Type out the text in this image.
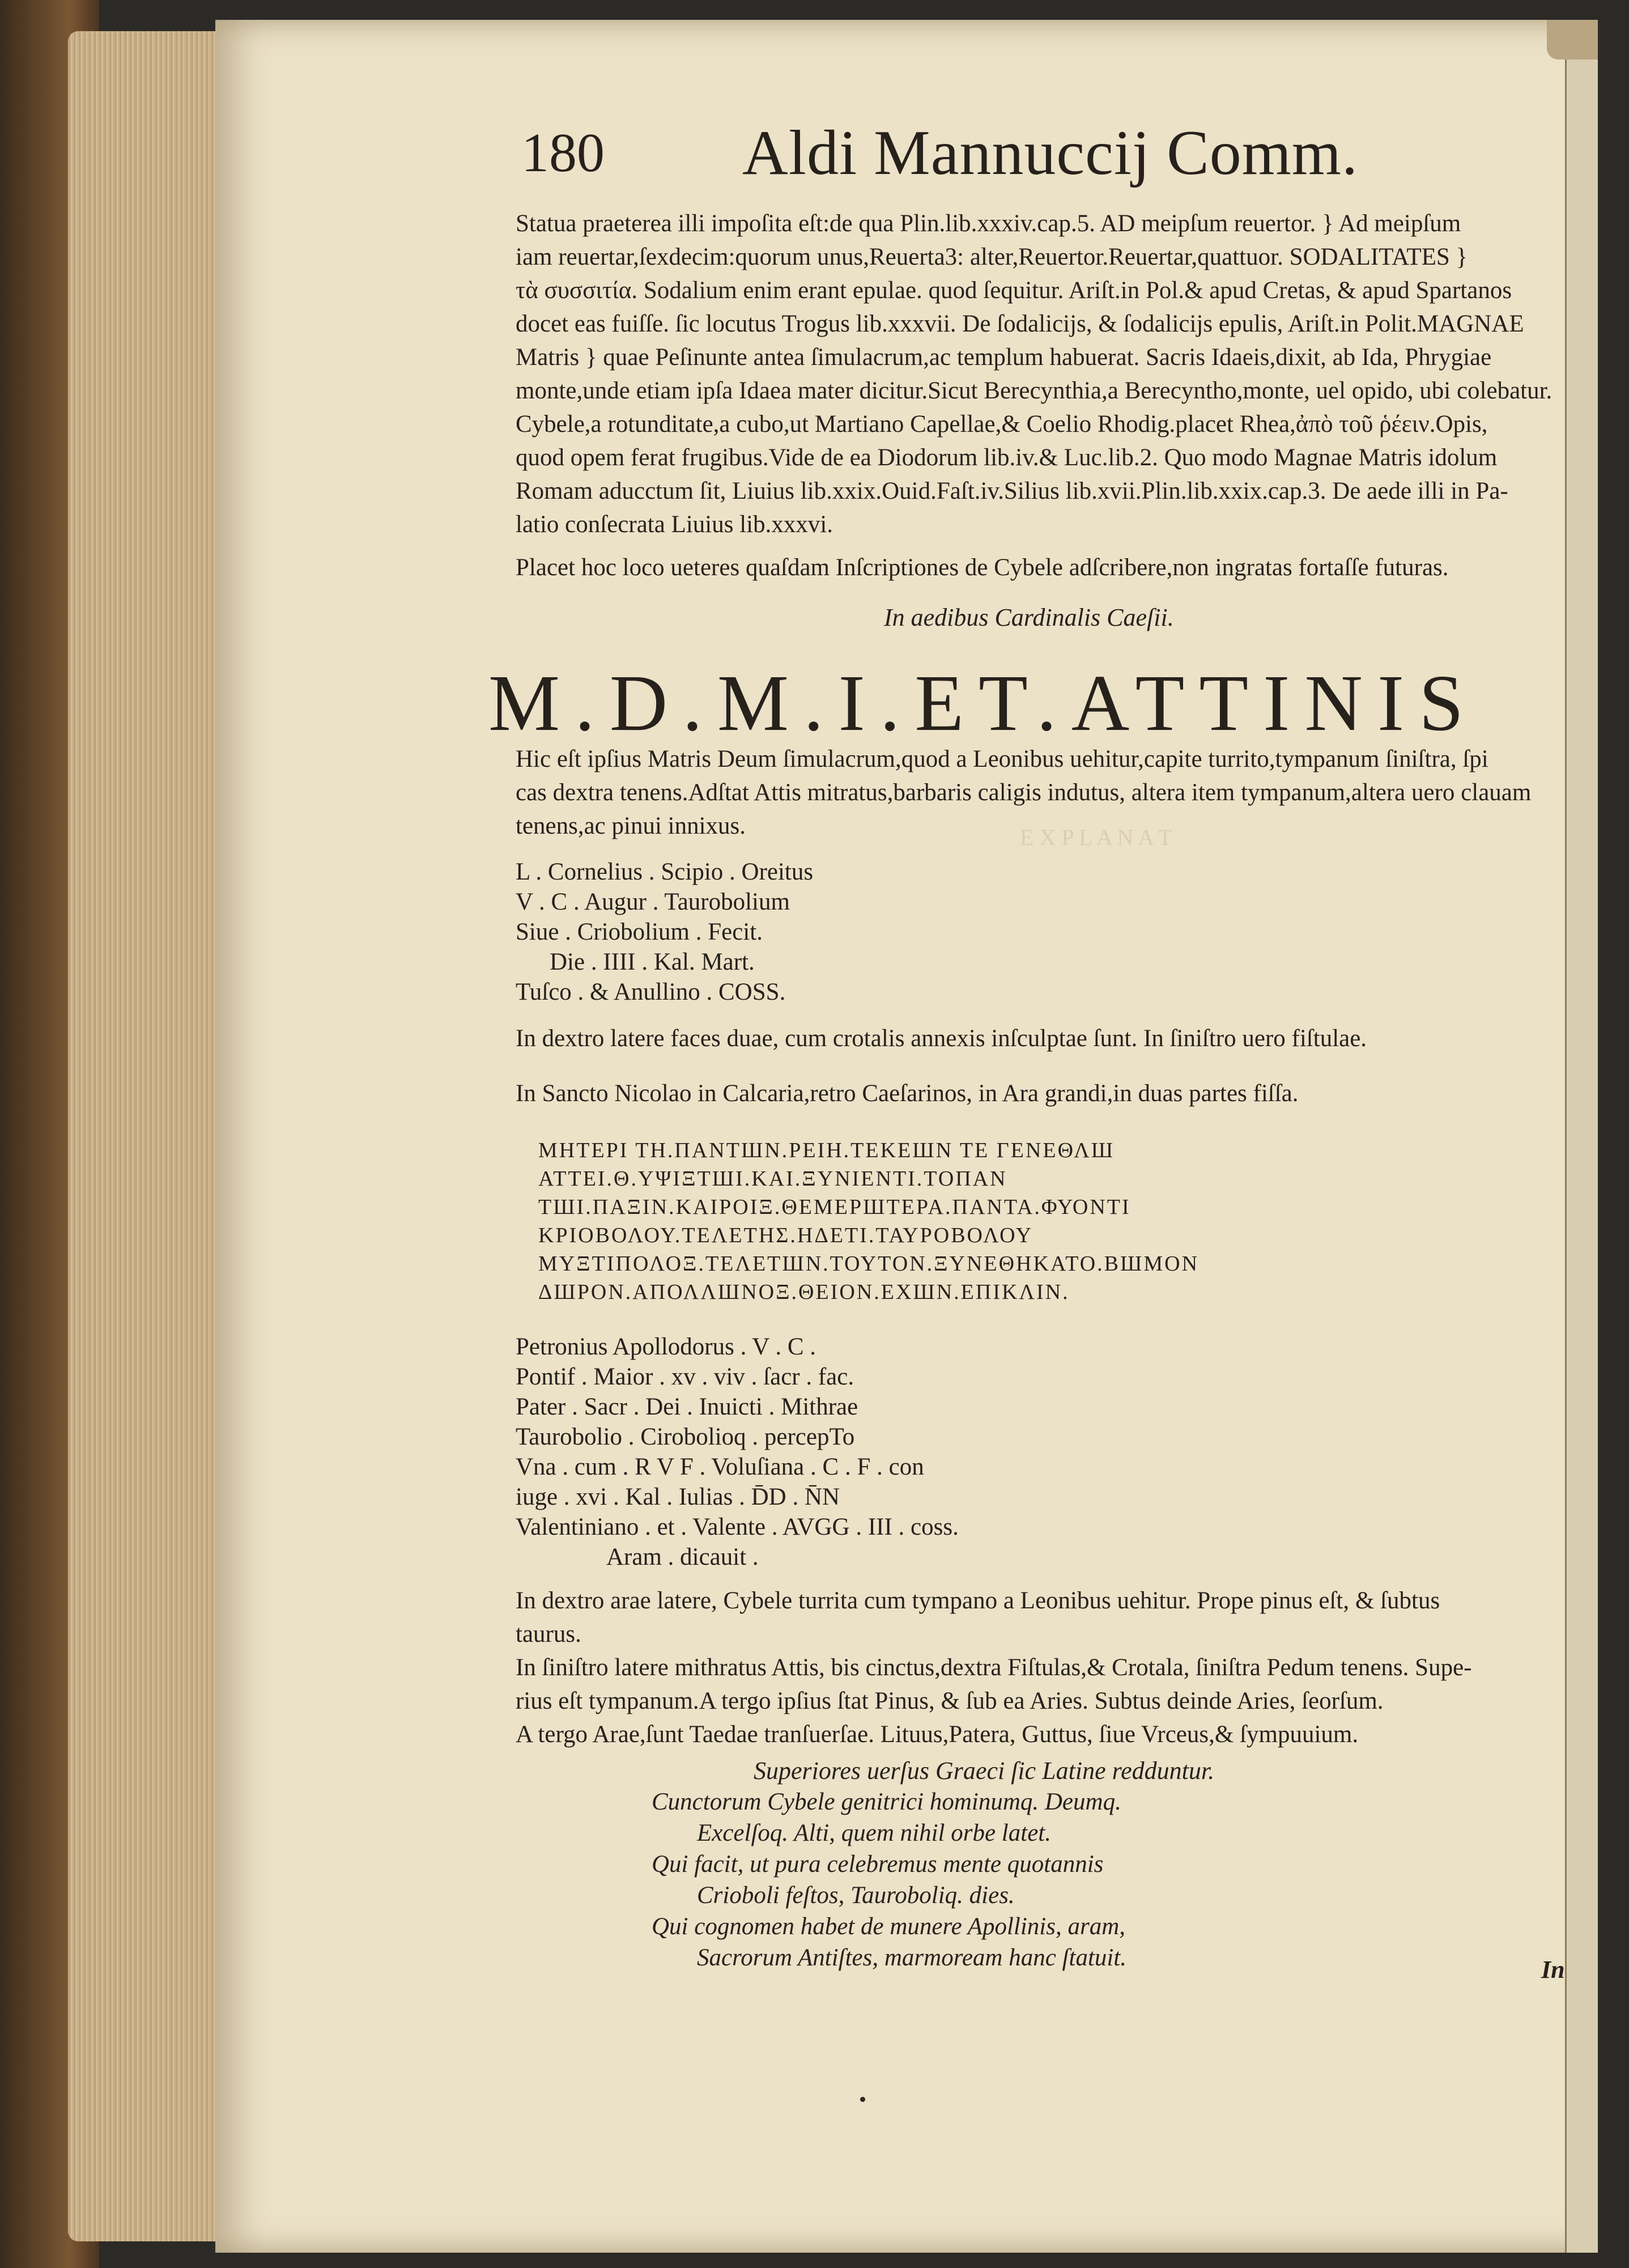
E X P L A N A T
180 Aldi Mannuccij Comm.

Statua praeterea illi impoſita eſt:de qua Plin.lib.xxxiv.cap.5. AD meipſum reuertor. } Ad meipſum

iam reuertar,ſexdecim:quorum unus,Reuerta3: alter,Reuertor.Reuertar,quattuor. SODALITATES }

τὰ συσσιτία. Sodalium enim erant epulae. quod ſequitur. Ariſt.in Pol.& apud Cretas, & apud Spartanos

docet eas fuiſſe. ſic locutus Trogus lib.xxxvii. De ſodalicijs, & ſodalicijs epulis, Ariſt.in Polit.MAGNAE

Matris } quae Peſinunte antea ſimulacrum,ac templum habuerat. Sacris Idaeis,dixit, ab Ida, Phrygiae

monte,unde etiam ipſa Idaea mater dicitur.Sicut Berecynthia,a Berecyntho,monte, uel opido, ubi colebatur.

Cybele,a rotunditate,a cubo,ut Martiano Capellae,& Coelio Rhodig.placet Rhea,ἀπὸ τοῦ ῥέειν.Opis,

quod opem ferat frugibus.Vide de ea Diodorum lib.iv.& Luc.lib.2. Quo modo Magnae Matris idolum

Romam aducctum ſit, Liuius lib.xxix.Ouid.Faſt.iv.Silius lib.xvii.Plin.lib.xxix.cap.3. De aede illi in Pa-

latio conſecrata Liuius lib.xxxvi.

Placet hoc loco ueteres quaſdam Inſcriptiones de Cybele adſcribere,non ingratas fortaſſe futuras.
In aedibus Cardinalis Caeſii.
M.D.M.I.ET.ATTINIS

Hic eſt ipſius Matris Deum ſimulacrum,quod a Leonibus uehitur,capite turrito,tympanum ſiniſtra, ſpi

cas dextra tenens.Adſtat Attis mitratus,barbaris caligis indutus, altera item tympanum,altera uero clauam

tenens,ac pinui innixus.

L . Cornelius . Scipio . Oreitus
V . C . Augur . Taurobolium
Siue . Criobolium . Fecit.
Die . IIII . Kal. Mart.
Tuſco . & Anullino . COSS.
In dextro latere faces duae, cum crotalis annexis inſculptae ſunt. In ſiniſtro uero fiſtulae.
In Sancto Nicolao in Calcaria,retro Caeſarinos, in Ara grandi,in duas partes fiſſa.
ΜΗΤΕΡΙ ΤΗ.ΠΑΝΤШΝ.ΡΕΙΗ.ΤΕΚΕШΝ ΤΕ ΓΕΝΕΘΛШ
ΑΤΤΕΙ.Θ.ΥΨΙΞΤШΙ.ΚΑΙ.ΞΥΝΙΕΝΤΙ.ΤΟΠΑΝ
ΤШΙ.ΠΑΞΙΝ.ΚΑΙΡΟΙΞ.ΘΕΜΕΡШΤΕΡΑ.ΠΑΝΤΑ.ΦΥΟΝΤΙ
ΚΡΙΟΒΟΛΟΥ.ΤΕΛΕΤΗΣ.ΗΔΕΤΙ.ΤΑΥΡΟΒΟΛΟΥ
ΜΥΞΤΙΠΟΛΟΞ.ΤΕΛΕΤШΝ.ΤΟΥΤΟΝ.ΞΥΝΕΘΗΚΑΤΟ.ΒШΜΟΝ
ΔШΡΟΝ.ΑΠΟΛΛШΝΟΞ.ΘΕΙΟΝ.ΕΧШΝ.ΕΠΙΚΛΙΝ.
Petronius Apollodorus . V . C .
Pontif . Maior . xv . viv . ſacr . fac.
Pater . Sacr . Dei . Inuicti . Mithrae
Taurobolio . Cirobolioq . percepTo
Vna . cum . R V F . Voluſiana . C . F . con
iuge . xvi . Kal . Iulias . D̄D . N̄N
Valentiniano . et . Valente . AVGG . III . coss.
Aram . dicauit .

In dextro arae latere, Cybele turrita cum tympano a Leonibus uehitur. Prope pinus eſt, & ſubtus

taurus.

In ſiniſtro latere mithratus Attis, bis cinctus,dextra Fiſtulas,& Crotala, ſiniſtra Pedum tenens. Supe-

rius eſt tympanum.A tergo ipſius ſtat Pinus, & ſub ea Aries. Subtus deinde Aries, ſeorſum.

A tergo Arae,ſunt Taedae tranſuerſae. Lituus,Patera, Guttus, ſiue Vrceus,& ſympuuium.

Superiores uerſus Graeci ſic Latine redduntur.
Cunctorum Cybele genitrici hominumq. Deumq.
Excelſoq. Alti, quem nihil orbe latet.
Qui facit, ut pura celebremus mente quotannis
Crioboli feſtos, Tauroboliq. dies.
Qui cognomen habet de munere Apollinis, aram,
Sacrorum Antiſtes, marmoream hanc ſtatuit.	In
